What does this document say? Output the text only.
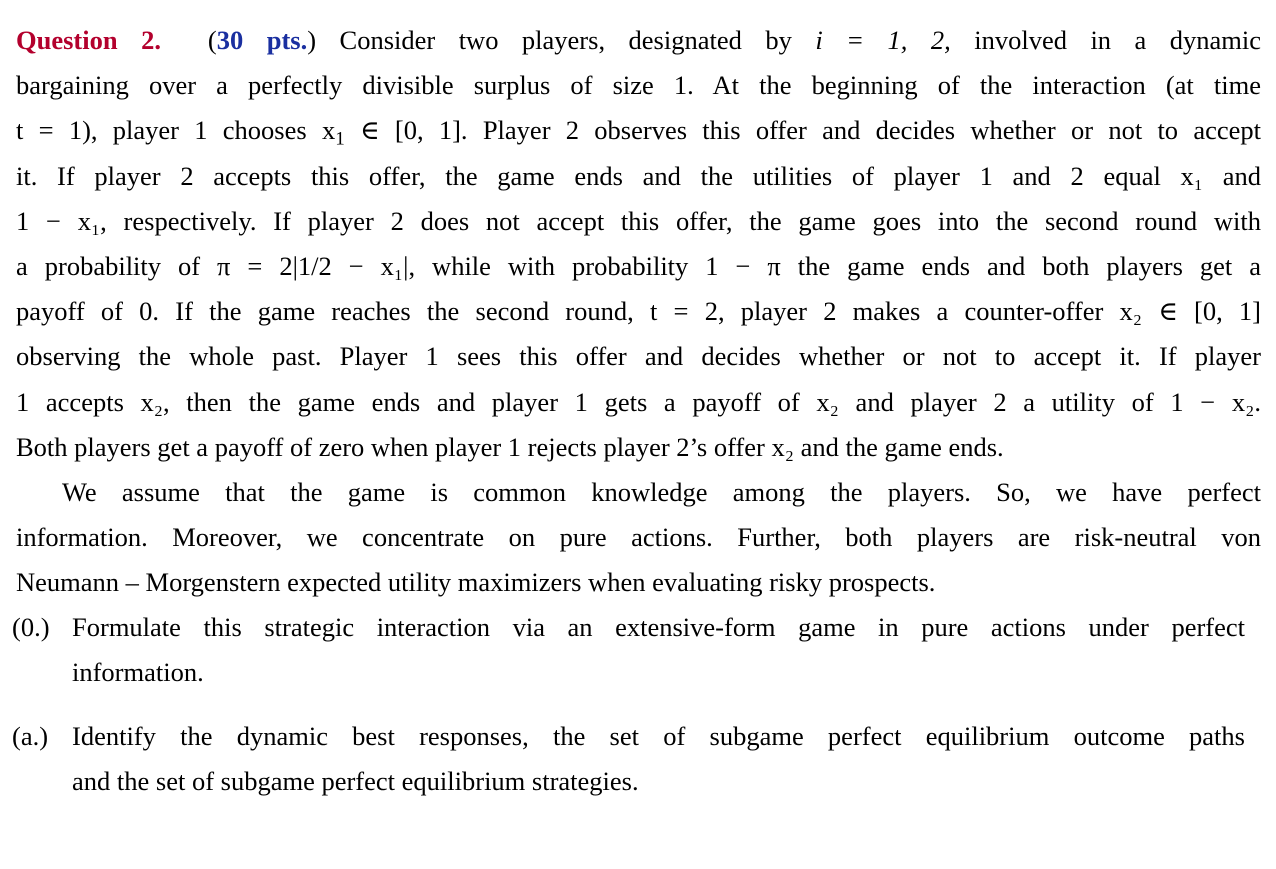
Question 2.  (30 pts.) Consider two players, designated by i = 1, 2, involved in a dynamic
bargaining over a perfectly divisible surplus of size 1. At the beginning of the interaction (at time
t = 1), player 1 chooses $x_1$ ∈ [0, 1]. Player 2 observes this offer and decides whether or not to accept
it. If player 2 accepts this offer, the game ends and the utilities of player 1 and 2 equal x₁ and
1 − x₁, respectively. If player 2 does not accept this offer, the game goes into the second round with
a probability of π = 2|1/2 − x₁|, while with probability 1 − π the game ends and both players get a
payoff of 0. If the game reaches the second round, t = 2, player 2 makes a counter-offer x₂ ∈ [0, 1]
observing the whole past. Player 1 sees this offer and decides whether or not to accept it. If player
1 accepts x₂, then the game ends and player 1 gets a payoff of x₂ and player 2 a utility of 1 − x₂.
Both players get a payoff of zero when player 1 rejects player 2’s offer x₂ and the game ends.
We assume that the game is common knowledge among the players. So, we have perfect
information. Moreover, we concentrate on pure actions. Further, both players are risk-neutral von
Neumann – Morgenstern expected utility maximizers when evaluating risky prospects.
(0.) Formulate this strategic interaction via an extensive-form game in pure actions under perfect
information.
(a.) Identify the dynamic best responses, the set of subgame perfect equilibrium outcome paths
and the set of subgame perfect equilibrium strategies.
